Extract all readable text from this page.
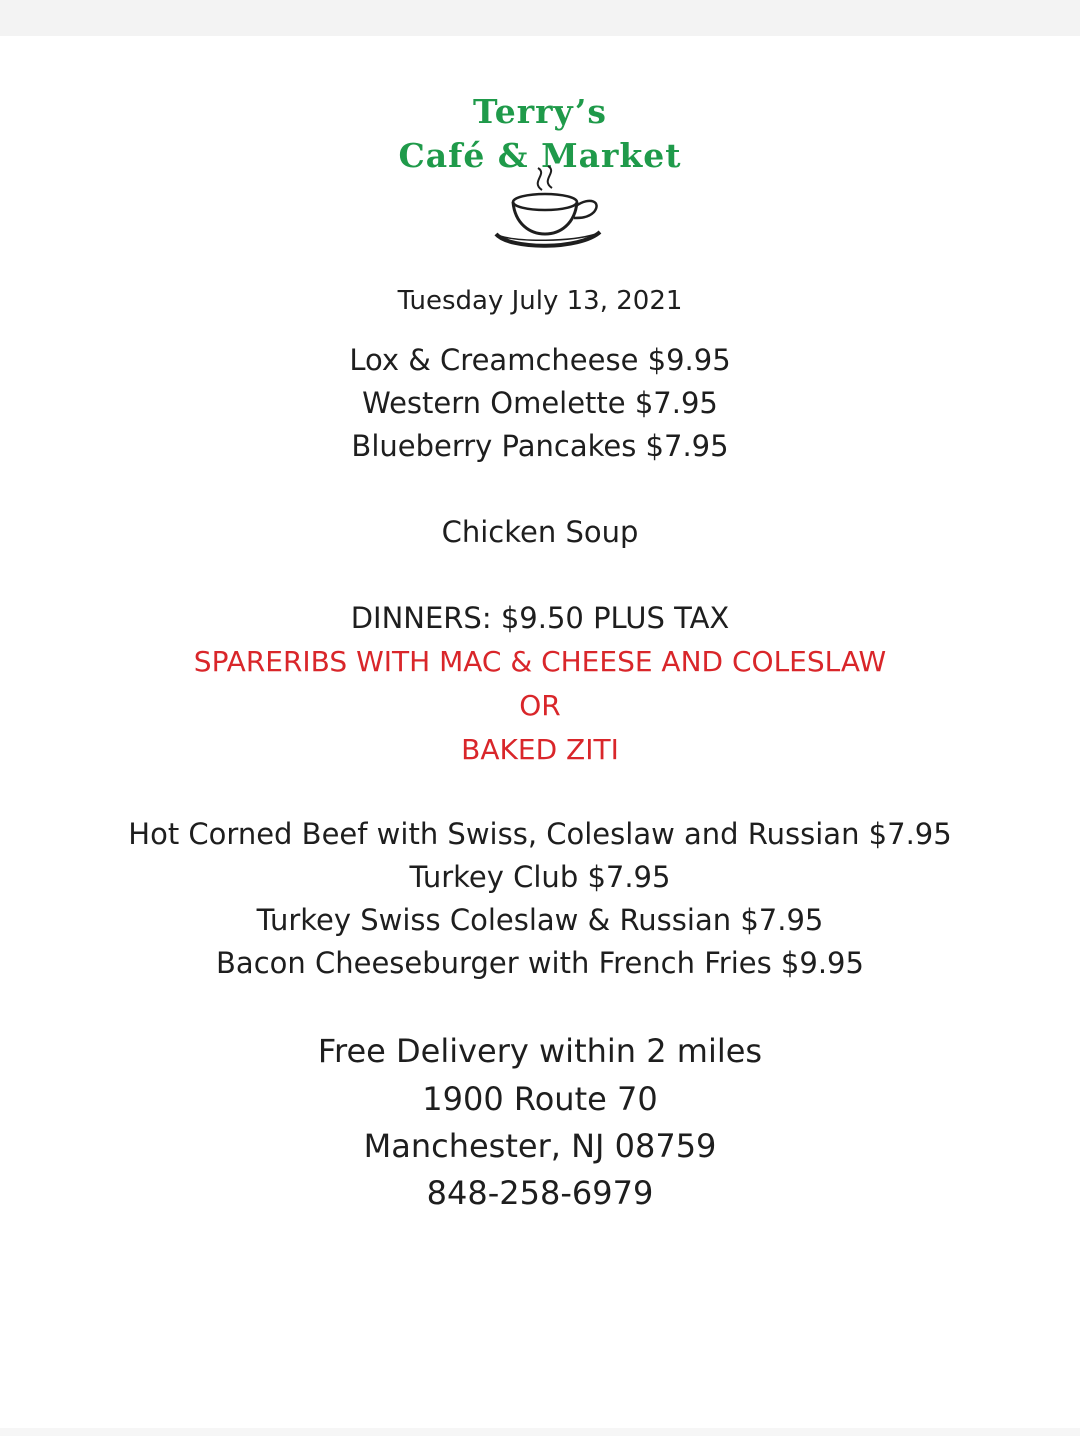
Terry’s

Café & Market

Tuesday July 13, 2021

Lox & Creamcheese $9.95

Western Omelette $7.95

Blueberry Pancakes $7.95

Chicken Soup

DINNERS: $9.50 PLUS TAX

SPARERIBS WITH MAC & CHEESE AND COLESLAW

OR

BAKED ZITI

Hot Corned Beef with Swiss, Coleslaw and Russian $7.95

Turkey Club $7.95

Turkey Swiss Coleslaw & Russian $7.95

Bacon Cheeseburger with French Fries $9.95

Free Delivery within 2 miles

1900 Route 70

Manchester, NJ 08759

848-258-6979
